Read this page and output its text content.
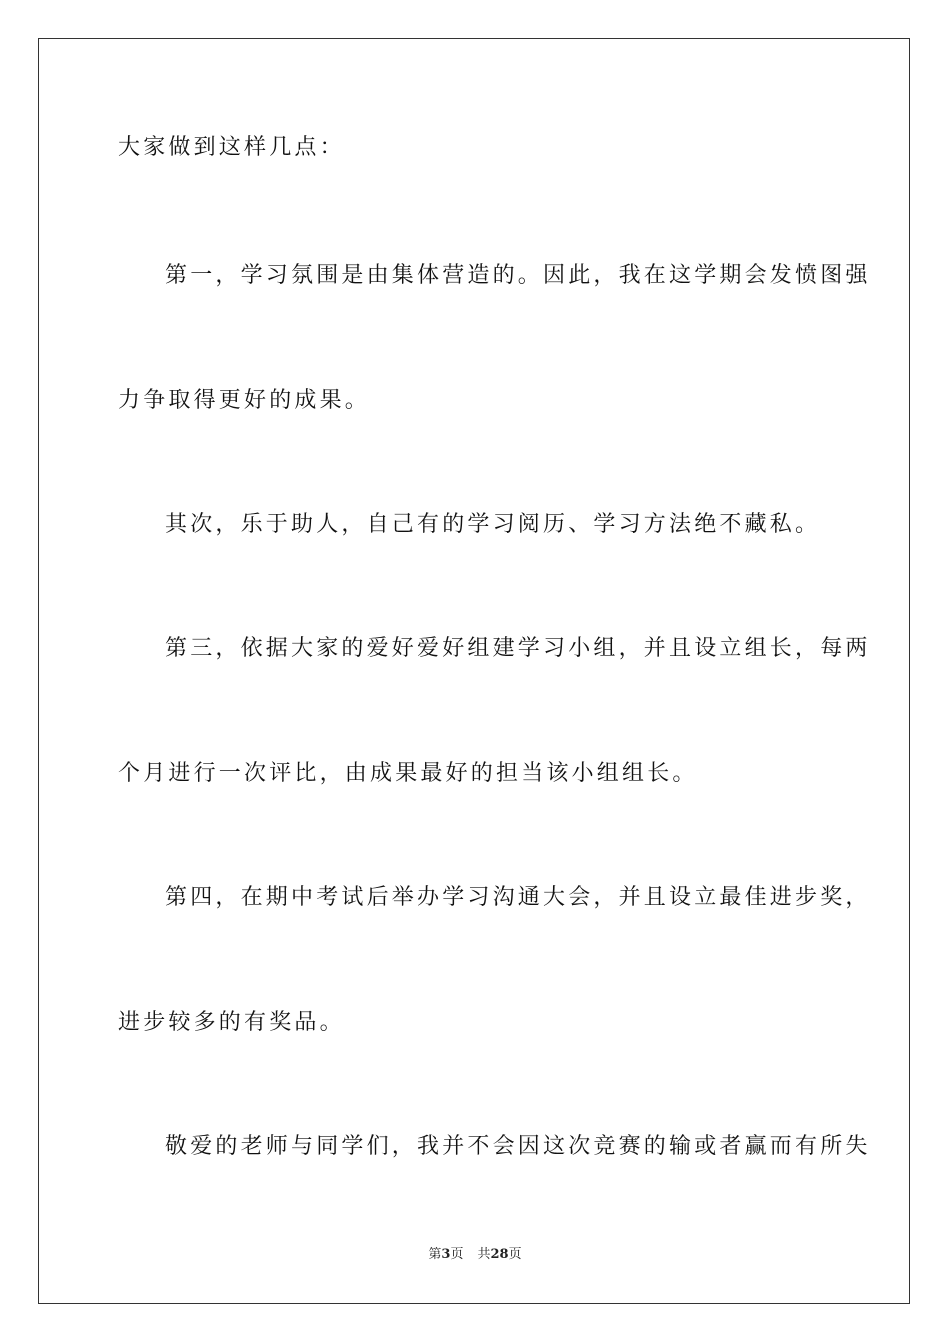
大家做到这样几点：
第一，学习氛围是由集体营造的。因此，我在这学期会发愤图强
力争取得更好的成果。
其次，乐于助人，自己有的学习阅历、学习方法绝不藏私。
第三，依据大家的爱好爱好组建学习小组，并且设立组长，每两
个月进行一次评比，由成果最好的担当该小组组长。
第四，在期中考试后举办学习沟通大会，并且设立最佳进步奖，
进步较多的有奖品。
敬爱的老师与同学们，我并不会因这次竞赛的输或者赢而有所失
第3页 共28页
